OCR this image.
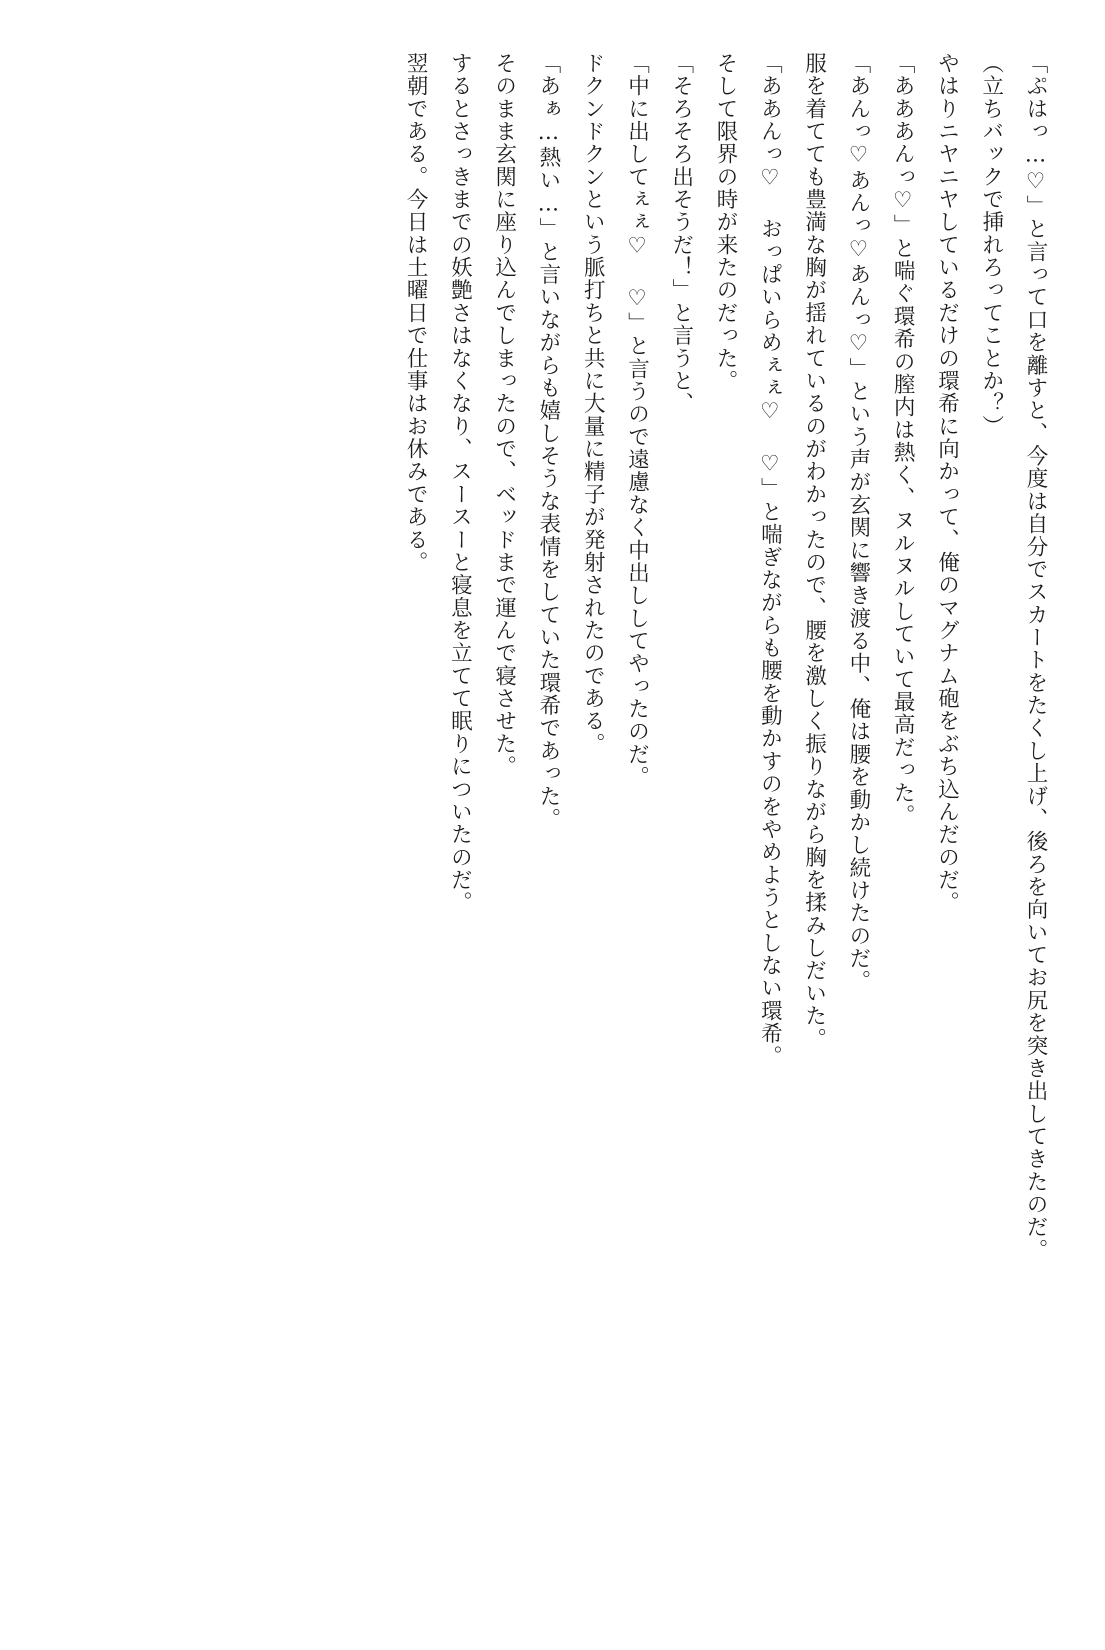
「ぷはっ…♡」と言って口を離すと、今度は自分でスカートをたくし上げ、後ろを向いてお尻を突き出してきたのだ。

（立ちバックで挿れろってことか？）

やはりニヤニヤしているだけの環希に向かって、俺のマグナム砲をぶち込んだのだ。

「あああんっ♡」と喘ぐ環希の膣内は熱く、ヌルヌルしていて最高だった。

「あんっ♡あんっ♡あんっ♡」という声が玄関に響き渡る中、俺は腰を動かし続けたのだ。

服を着てても豊満な胸が揺れているのがわかったので、腰を激しく振りながら胸を揉みしだいた。

「ああんっ♡ おっぱいらめぇぇ♡ ♡」と喘ぎながらも腰を動かすのをやめようとしない環希。

そして限界の時が来たのだった。

「そろそろ出そうだ！」と言うと、

「中に出してぇぇ♡ ♡」と言うので遠慮なく中出ししてやったのだ。

ドクンドクンという脈打ちと共に大量に精子が発射されたのである。

「あぁ…熱い…」と言いながらも嬉しそうな表情をしていた環希であった。

そのまま玄関に座り込んでしまったので、ベッドまで運んで寝させた。

するとさっきまでの妖艶さはなくなり、スースーと寝息を立てて眠りについたのだ。

翌朝である。今日は土曜日で仕事はお休みである。
